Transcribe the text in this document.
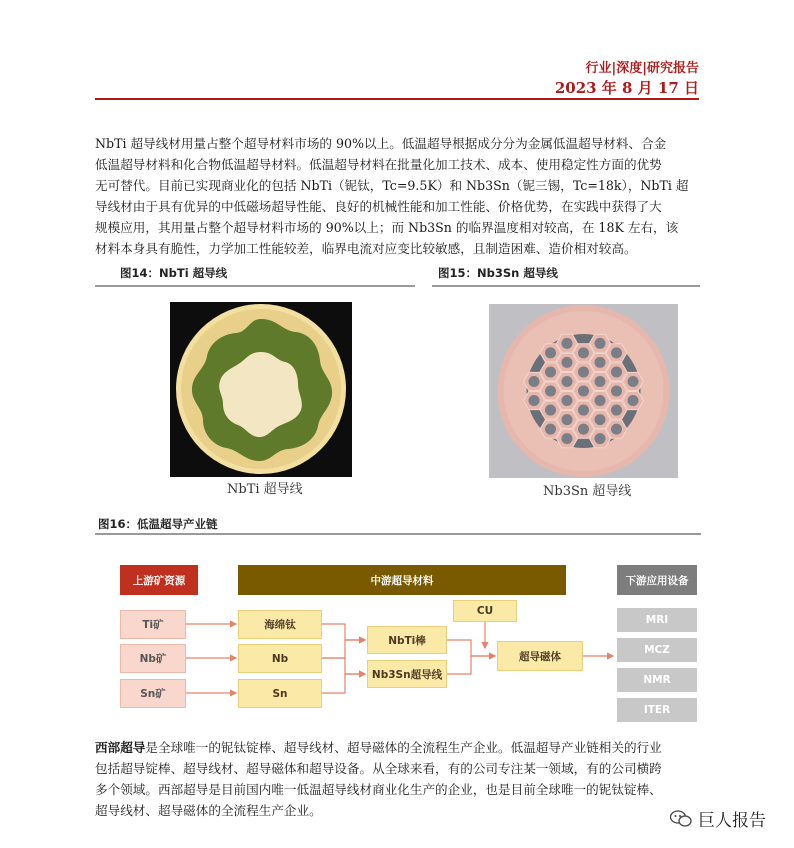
行业|深度|研究报告
2023 年 8 月 17 日
NbTi 超导线材用量占整个超导材料市场的 90%以上。低温超导根据成分分为金属低温超导材料、合金
低温超导材料和化合物低温超导材料。低温超导材料在批量化加工技术、成本、使用稳定性方面的优势
无可替代。目前已实现商业化的包括 NbTi（铌钛，Tc=9.5K）和 Nb3Sn（铌三锡，Tc=18k），NbTi 超
导线材由于具有优异的中低磁场超导性能、良好的机械性能和加工性能、价格优势，在实践中获得了大
规模应用，其用量占整个超导材料市场的 90%以上；而 Nb3Sn 的临界温度相对较高，在 18K 左右，该
材料本身具有脆性，力学加工性能较差，临界电流对应变比较敏感，且制造困难、造价相对较高。
图14：NbTi 超导线
NbTi 超导线
图15：Nb3Sn 超导线
Nb3Sn 超导线
图16：低温超导产业链
上游矿资源	中游超导材料	下游应用设备
Ti矿
Nb矿
Sn矿
海绵钛
Nb
Sn
NbTi棒
Nb3Sn超导线
CU
超导磁体
MRI
MCZ
NMR
ITER
西部超导是全球唯一的铌钛锭棒、超导线材、超导磁体的全流程生产企业。低温超导产业链相关的行业
包括超导锭棒、超导线材、超导磁体和超导设备。从全球来看，有的公司专注某一领域，有的公司横跨
多个领域。西部超导是目前国内唯一低温超导线材商业化生产的企业，也是目前全球唯一的铌钛锭棒、
超导线材、超导磁体的全流程生产企业。
巨人报告
